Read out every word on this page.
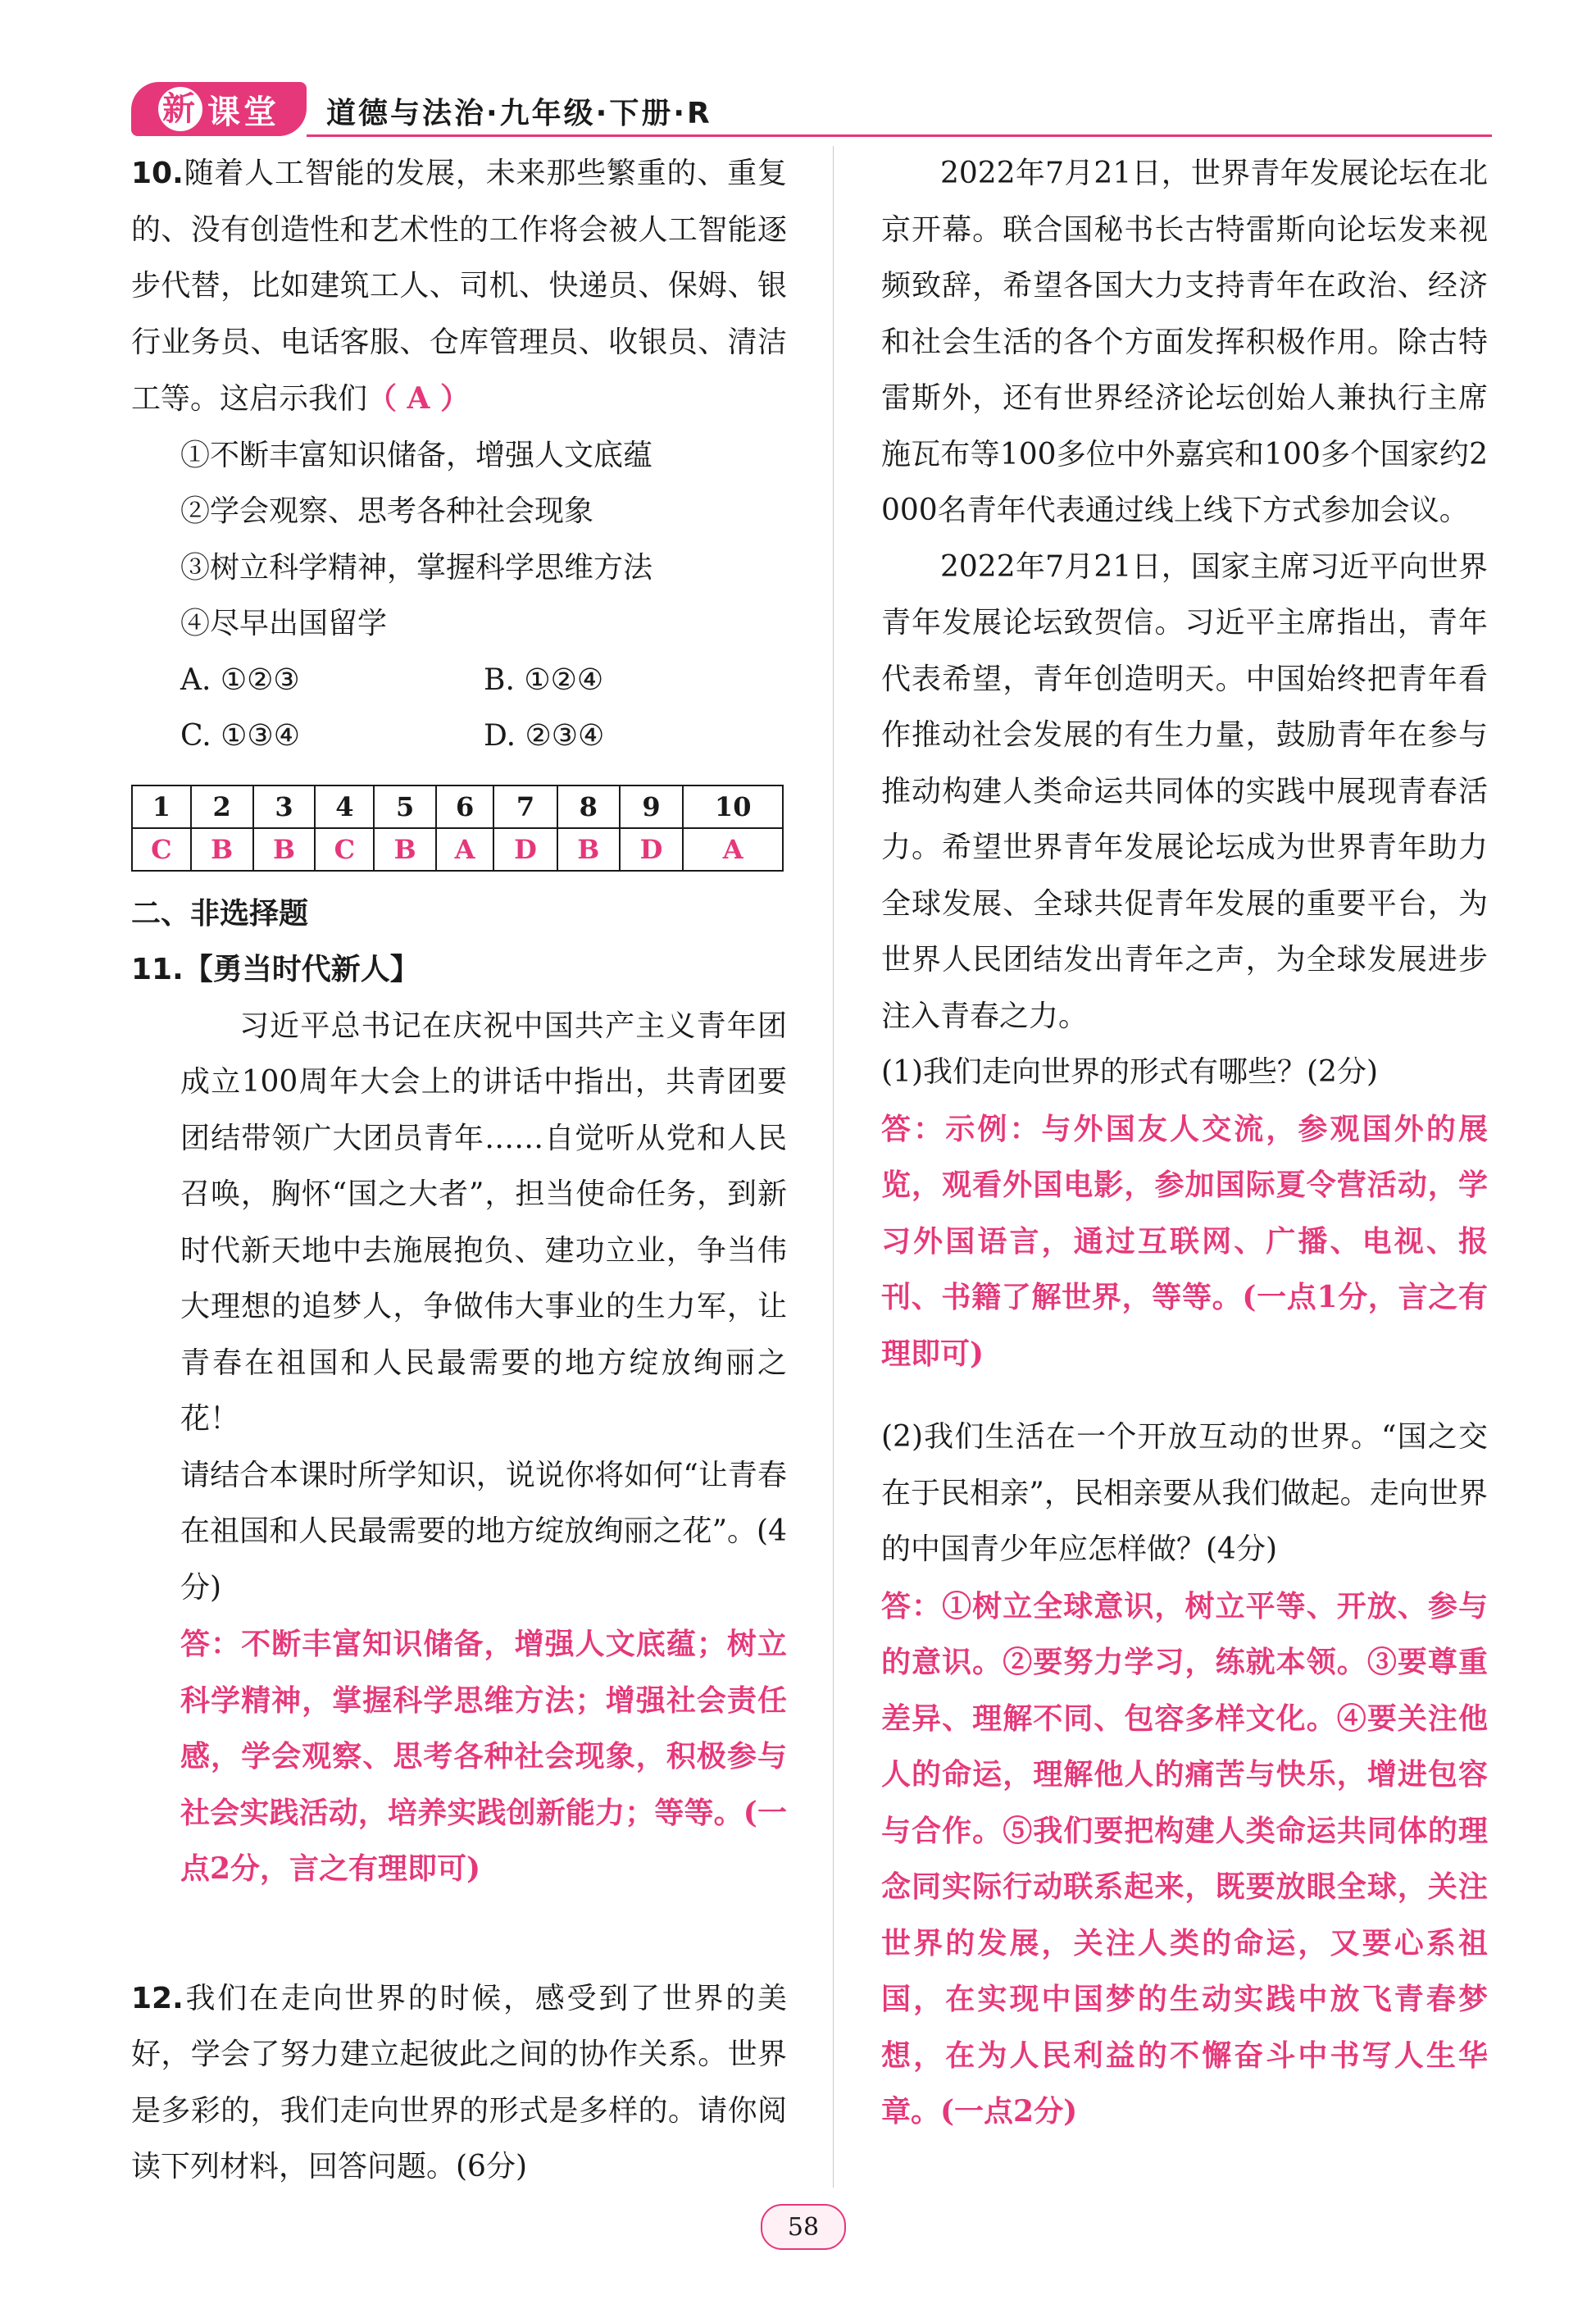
新 课堂 道德与法治·九年级·下册·R

10.随着人工智能的发展，未来那些繁重的、重复的、没有创造性和艺术性的工作将会被人工智能逐步代替，比如建筑工人、司机、快递员、保姆、银行业务员、电话客服、仓库管理员、收银员、清洁工等。这启示我们（ A ）

①不断丰富知识储备，增强人文底蕴

②学会观察、思考各种社会现象

③树立科学精神，掌握科学思维方法

④尽早出国留学

A. ①②③	B. ①②④
C. ①③④	D. ②③④
1	2	3	4	5	6	7	8	9	10
C	B	B	C	B	A	D	B	D	A

二、非选择题

11.【勇当时代新人】

习近平总书记在庆祝中国共产主义青年团成立100周年大会上的讲话中指出，共青团要团结带领广大团员青年……自觉听从党和人民召唤，胸怀“国之大者”，担当使命任务，到新时代新天地中去施展抱负、建功立业，争当伟大理想的追梦人，争做伟大事业的生力军，让青春在祖国和人民最需要的地方绽放绚丽之花！

请结合本课时所学知识，说说你将如何“让青春在祖国和人民最需要的地方绽放绚丽之花”。(4分)

答：不断丰富知识储备，增强人文底蕴；树立科学精神，掌握科学思维方法；增强社会责任感，学会观察、思考各种社会现象，积极参与社会实践活动，培养实践创新能力；等等。(一点2分，言之有理即可)

12.我们在走向世界的时候，感受到了世界的美好，学会了努力建立起彼此之间的协作关系。世界是多彩的，我们走向世界的形式是多样的。请你阅读下列材料，回答问题。(6分)

2022年7月21日，世界青年发展论坛在北京开幕。联合国秘书长古特雷斯向论坛发来视频致辞，希望各国大力支持青年在政治、经济和社会生活的各个方面发挥积极作用。除古特雷斯外，还有世界经济论坛创始人兼执行主席施瓦布等100多位中外嘉宾和100多个国家约2 000名青年代表通过线上线下方式参加会议。

2022年7月21日，国家主席习近平向世界青年发展论坛致贺信。习近平主席指出，青年代表希望，青年创造明天。中国始终把青年看作推动社会发展的有生力量，鼓励青年在参与推动构建人类命运共同体的实践中展现青春活力。希望世界青年发展论坛成为世界青年助力全球发展、全球共促青年发展的重要平台，为世界人民团结发出青年之声，为全球发展进步注入青春之力。

(1)我们走向世界的形式有哪些？(2分)

答：示例：与外国友人交流，参观国外的展览，观看外国电影，参加国际夏令营活动，学习外国语言，通过互联网、广播、电视、报刊、书籍了解世界，等等。(一点1分，言之有理即可)

(2)我们生活在一个开放互动的世界。“国之交在于民相亲”，民相亲要从我们做起。走向世界的中国青少年应怎样做？(4分)

答：①树立全球意识，树立平等、开放、参与的意识。②要努力学习，练就本领。③要尊重差异、理解不同、包容多样文化。④要关注他人的命运，理解他人的痛苦与快乐，增进包容与合作。⑤我们要把构建人类命运共同体的理念同实际行动联系起来，既要放眼全球，关注世界的发展，关注人类的命运，又要心系祖国，在实现中国梦的生动实践中放飞青春梦想，在为人民利益的不懈奋斗中书写人生华章。(一点2分)

58
